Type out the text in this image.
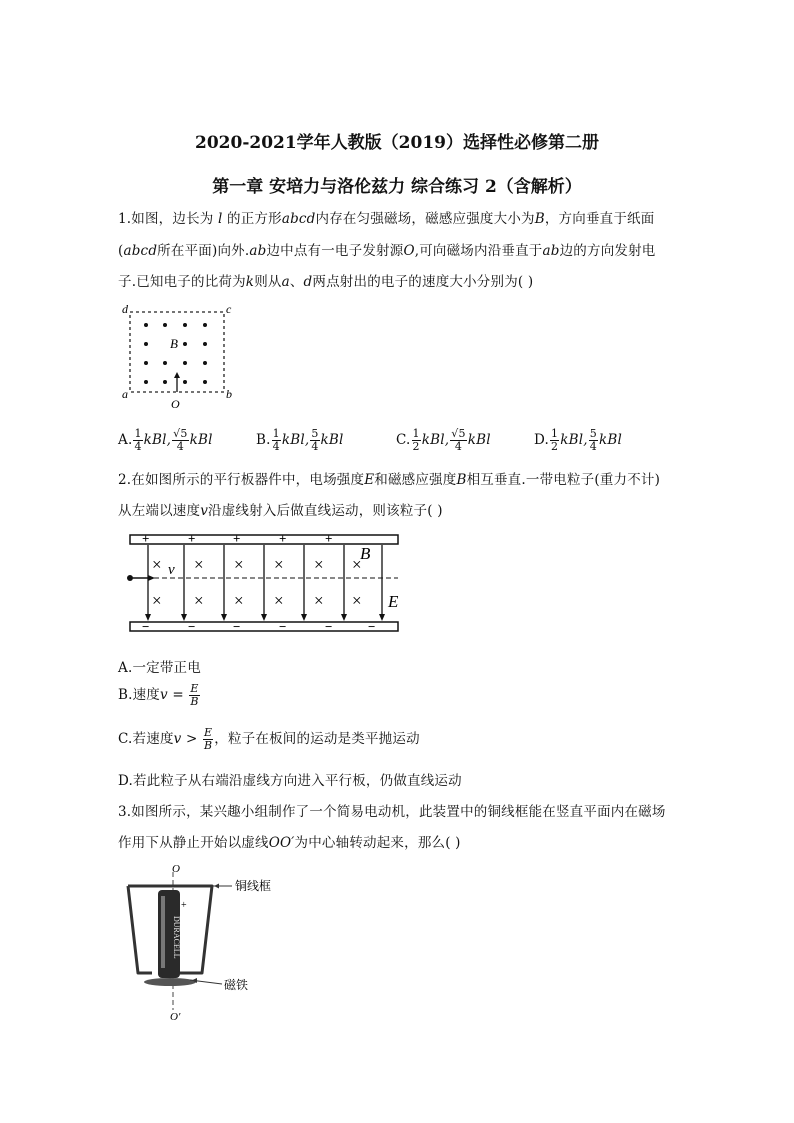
2020-2021学年人教版（2019）选择性必修第二册
第一章 安培力与洛伦兹力 综合练习 2（含解析）
1.如图，边长为 l 的正方形abcd内存在匀强磁场，磁感应强度大小为B，方向垂直于纸面
(abcd所在平面)向外.ab边中点有一电子发射源O,可向磁场内沿垂直于ab边的方向发射电
子.已知电子的比荷为k则从a、d两点射出的电子的速度大小分别为( )
d	c
a	b
B
O
A. $\frac{1}{4}$ kBl, $\frac{√5}{4}$ kBl	B. $\frac{1}{4}$ kBl, $\frac{5}{4}$ kBl	C. $\frac{1}{2}$ kBl, $\frac{√5}{4}$ kBl	D. $\frac{1}{2}$ kBl, $\frac{5}{4}$ kBl
2.在如图所示的平行板器件中，电场强度E和磁感应强度B相互垂直.一带电粒子(重力不计)
从左端以速度v沿虚线射入后做直线运动，则该粒子( )
+	+	+	+	+
−	−	−	−	−	−
× × × × × ×
× × × × × ×
v
B
E
A.一定带正电
B.速度$v = \frac{E}{B}$
C.若速度$v > \frac{E}{B}$ ，粒子在板间的运动是类平抛运动
D.若此粒子从右端沿虚线方向进入平行板，仍做直线运动
3.如图所示，某兴趣小组制作了一个简易电动机，此装置中的铜线框能在竖直平面内在磁场
作用下从静止开始以虚线OO′为中心轴转动起来，那么( )
O
O′
DURACELL
+
铜线框
磁铁
